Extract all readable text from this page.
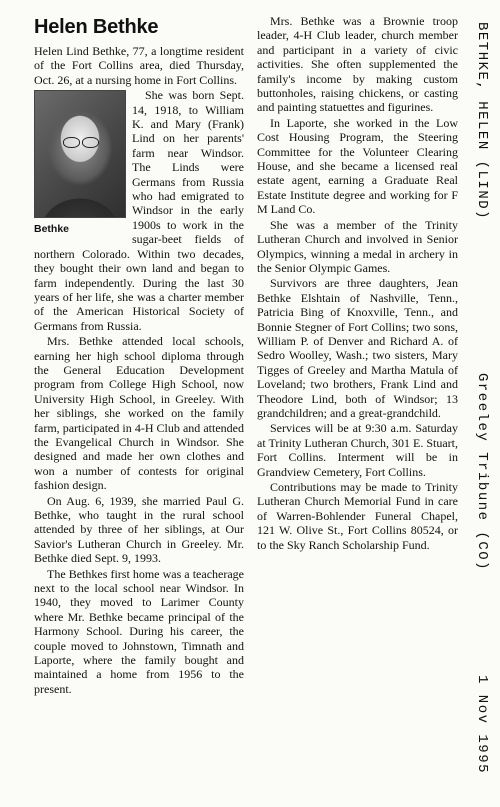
Helen Bethke

Helen Lind Bethke, 77, a longtime resident of the Fort Collins area, died Thursday, Oct. 26, at a nursing home in Fort Collins.

Bethke

She was born Sept. 14, 1918, to William K. and Mary (Frank) Lind on her parents' farm near Windsor. The Linds were Germans from Russia who had emigrated to Windsor in the early 1900s to work in the sugar-beet fields of northern Colorado. Within two decades, they bought their own land and began to farm independently. During the last 30 years of her life, she was a charter member of the American Historical Society of Germans from Russia.

Mrs. Bethke attended local schools, earning her high school diploma through the General Education Development program from College High School, now University High School, in Greeley. With her siblings, she worked on the family farm, participated in 4-H Club and attended the Evangelical Church in Windsor. She designed and made her own clothes and won a number of contests for original fashion design.

On Aug. 6, 1939, she married Paul G. Bethke, who taught in the rural school attended by three of her siblings, at Our Savior's Lutheran Church in Greeley. Mr. Bethke died Sept. 9, 1993.

The Bethkes first home was a teacherage next to the local school near Windsor. In 1940, they moved to Larimer County where Mr. Bethke became principal of the Harmony School. During his career, the couple moved to Johnstown, Timnath and Laporte, where the family bought and maintained a home from 1956 to the present.

Mrs. Bethke was a Brownie troop leader, 4-H Club leader, church member and participant in a variety of civic activities. She often supplemented the family's income by making custom buttonholes, raising chickens, or casting and painting statuettes and figurines.

In Laporte, she worked in the Low Cost Housing Program, the Steering Committee for the Volunteer Clearing House, and she became a licensed real estate agent, earning a Graduate Real Estate Institute degree and working for F M Land Co.

She was a member of the Trinity Lutheran Church and involved in Senior Olympics, winning a medal in archery in the Senior Olympic Games.

Survivors are three daughters, Jean Bethke Elshtain of Nashville, Tenn., Patricia Bing of Knoxville, Tenn., and Bonnie Stegner of Fort Collins; two sons, William P. of Denver and Richard A. of Sedro Woolley, Wash.; two sisters, Mary Tigges of Greeley and Martha Matula of Loveland; two brothers, Frank Lind and Theodore Lind, both of Windsor; 13 grandchildren; and a great-grandchild.

Services will be at 9:30 a.m. Saturday at Trinity Lutheran Church, 301 E. Stuart, Fort Collins. Interment will be in Grandview Cemetery, Fort Collins.

Contributions may be made to Trinity Lutheran Church Memorial Fund in care of Warren-Bohlender Funeral Chapel, 121 W. Olive St., Fort Collins 80524, or to the Sky Ranch Scholarship Fund.

BETHKE, HELEN (LIND)
Greeley Tribune (CO)
1 Nov 1995
